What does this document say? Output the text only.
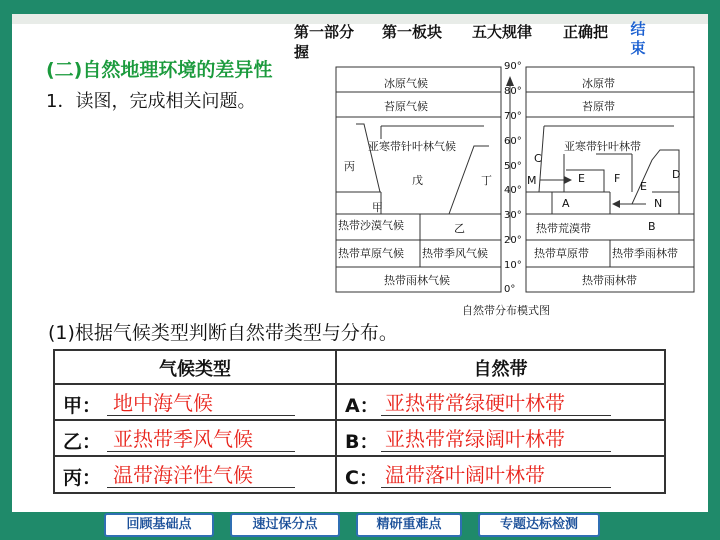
第一部分 第一板块 五大规律 正确把
握
结束
(二)自然地理环境的差异性
1．读图，完成相关问题。
冰原气候
苔原气候
亚寒带针叶林气候
热带沙漠气候
热带草原气候 热带季风气候
热带雨林气候
丙
戊	丁
甲
乙
90°
80°
70°
60°
50°
40°
30°
20°
10°
0°
冰原带
苔原带
亚寒带针叶林带
热带荒漠带
热带草原带 热带季雨林带
热带雨林带
C
M	E	F	D
E
N
A
B
自然带分布模式图
(1)根据气候类型判断自然带类型与分布。
气候类型	自然带
甲： 地中海气候	A： 亚热带常绿硬叶林带
乙： 亚热带季风气候	B： 亚热带常绿阔叶林带
丙： 温带海洋性气候	C： 温带落叶阔叶林带
回顾基础点	速过保分点	精研重难点	专题达标检测
